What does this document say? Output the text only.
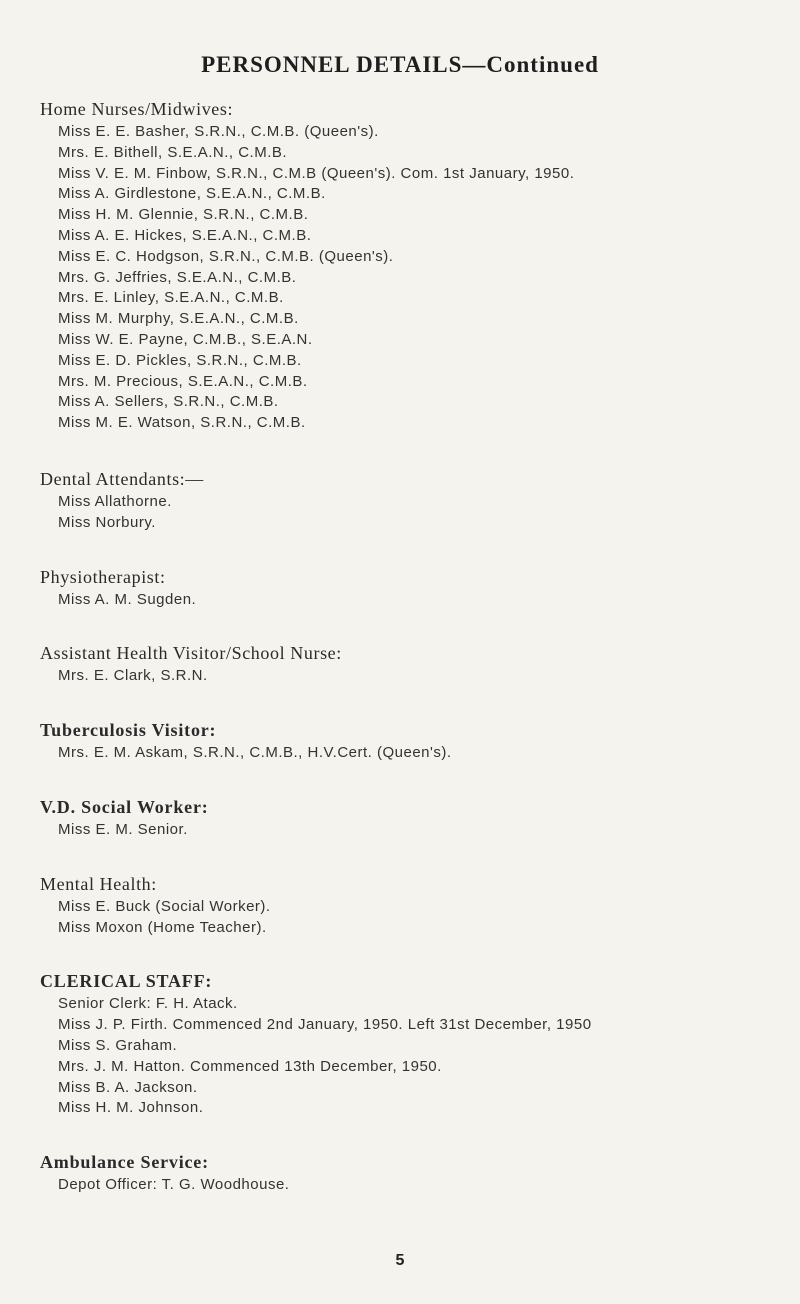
PERSONNEL DETAILS—Continued
Home Nurses/Midwives:
Miss E. E. Basher, S.R.N., C.M.B. (Queen's).
Mrs. E. Bithell, S.E.A.N., C.M.B.
Miss V. E. M. Finbow, S.R.N., C.M.B (Queen's). Com. 1st January, 1950.
Miss A. Girdlestone, S.E.A.N., C.M.B.
Miss H. M. Glennie, S.R.N., C.M.B.
Miss A. E. Hickes, S.E.A.N., C.M.B.
Miss E. C. Hodgson, S.R.N., C.M.B. (Queen's).
Mrs. G. Jeffries, S.E.A.N., C.M.B.
Mrs. E. Linley, S.E.A.N., C.M.B.
Miss M. Murphy, S.E.A.N., C.M.B.
Miss W. E. Payne, C.M.B., S.E.A.N.
Miss E. D. Pickles, S.R.N., C.M.B.
Mrs. M. Precious, S.E.A.N., C.M.B.
Miss A. Sellers, S.R.N., C.M.B.
Miss M. E. Watson, S.R.N., C.M.B.
Dental Attendants:—
Miss Allathorne.
Miss Norbury.
Physiotherapist:
Miss A. M. Sugden.
Assistant Health Visitor/School Nurse:
Mrs. E. Clark, S.R.N.
Tuberculosis Visitor:
Mrs. E. M. Askam, S.R.N., C.M.B., H.V.Cert. (Queen's).
V.D. Social Worker:
Miss E. M. Senior.
Mental Health:
Miss E. Buck (Social Worker).
Miss Moxon (Home Teacher).
CLERICAL STAFF:
Senior Clerk: F. H. Atack.
Miss J. P. Firth. Commenced 2nd January, 1950. Left 31st December, 1950
Miss S. Graham.
Mrs. J. M. Hatton. Commenced 13th December, 1950.
Miss B. A. Jackson.
Miss H. M. Johnson.
Ambulance Service:
Depot Officer: T. G. Woodhouse.
5
